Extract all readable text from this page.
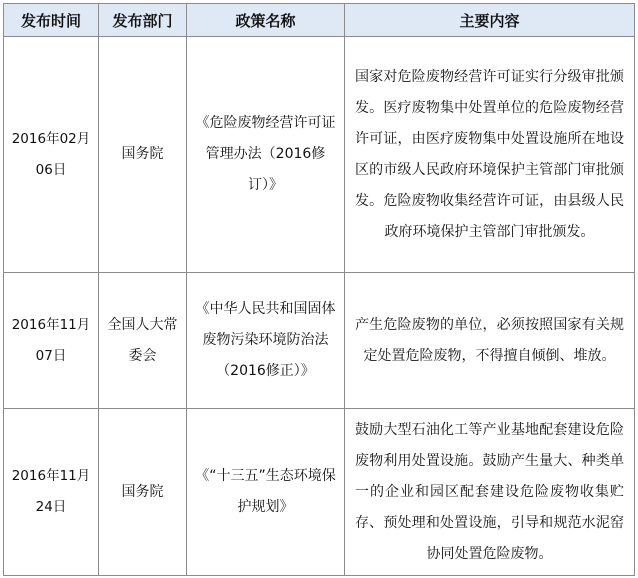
发布时间	发布部门	政策名称	主要内容
2016年02月06日	国务院	《危险废物经营许可证管理办法（2016修订）》	国家对危险废物经营许可证实行分级审批颁发。医疗废物集中处置单位的危险废物经营许可证，由医疗废物集中处置设施所在地设区的市级人民政府环境保护主管部门审批颁发。危险废物收集经营许可证，由县级人民政府环境保护主管部门审批颁发。
2016年11月07日	全国人大常委会	《中华人民共和国固体废物污染环境防治法（2016修正）》	产生危险废物的单位，必须按照国家有关规定处置危险废物，不得擅自倾倒、堆放。
2016年11月24日	国务院	《“十三五”生态环境保护规划》	鼓励大型石油化工等产业基地配套建设危险废物利用处置设施。鼓励产生量大、种类单一的企业和园区配套建设危险废物收集贮存、预处理和处置设施，引导和规范水泥窑协同处置危险废物。
